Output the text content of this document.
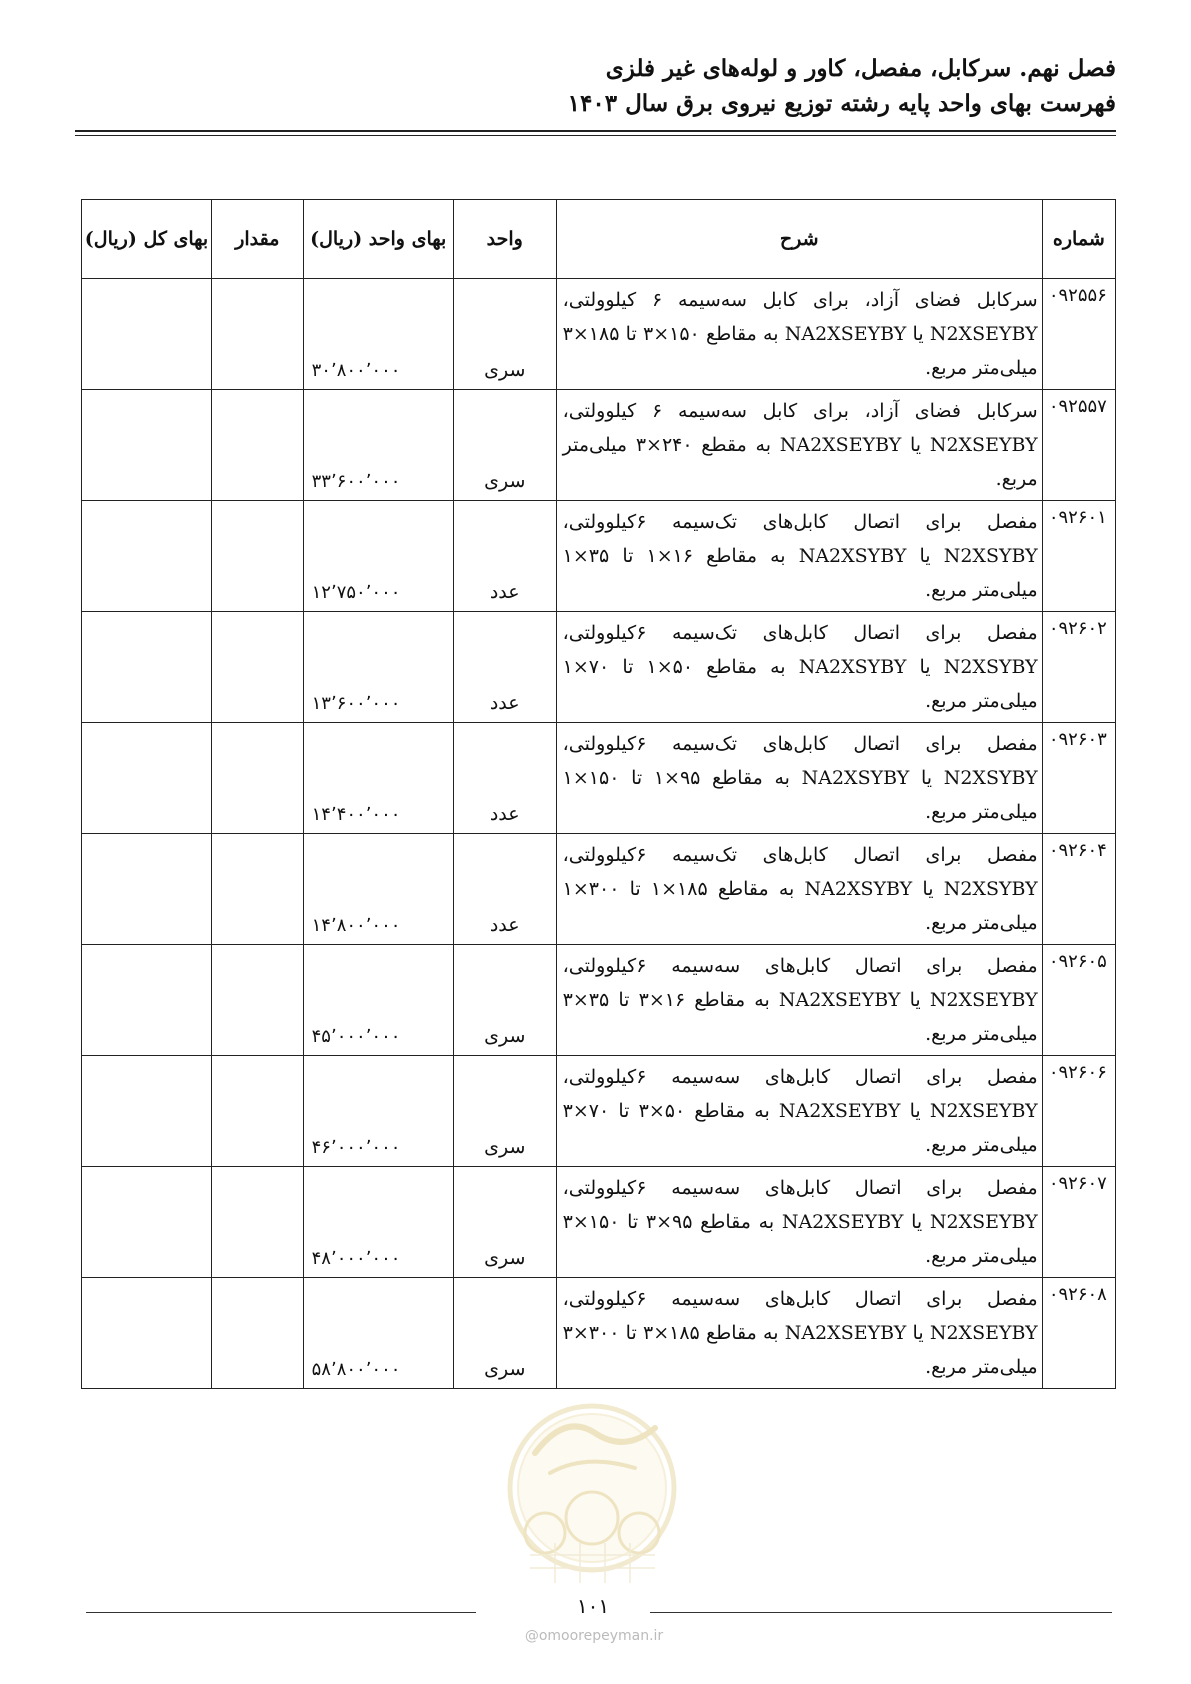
فصل نهم. سرکابل، مفصل، کاور و لوله‌های غیر فلزی
فهرست بهای واحد پایه رشته توزیع نیروی برق سال ۱۴۰۳
شماره	شرح	واحد	بهای واحد (ریال)	مقدار	بهای کل (ریال)
۰۹۲۵۵۶	سرکابل فضای آزاد، برای کابل سه‌سیمه ۶ کیلوولتی، N2XSEYBY یا NA2XSEYBY به مقاطع ۱۵۰×۳ تا ۱۸۵×۳ میلی‌متر مربع.	سری	۳۰٬۸۰۰٬۰۰۰		
۰۹۲۵۵۷	سرکابل فضای آزاد، برای کابل سه‌سیمه ۶ کیلوولتی، N2XSEYBY یا NA2XSEYBY به مقطع ۲۴۰×۳ میلی‌متر مربع.	سری	۳۳٬۶۰۰٬۰۰۰		
۰۹۲۶۰۱	مفصل برای اتصال کابل‌های تک‌سیمه ۶کیلوولتی، N2XSYBY یا NA2XSYBY به مقاطع ۱۶×۱ تا ۳۵×۱ میلی‌متر مربع.	عدد	۱۲٬۷۵۰٬۰۰۰		
۰۹۲۶۰۲	مفصل برای اتصال کابل‌های تک‌سیمه ۶کیلوولتی، N2XSYBY یا NA2XSYBY به مقاطع ۵۰×۱ تا ۷۰×۱ میلی‌متر مربع.	عدد	۱۳٬۶۰۰٬۰۰۰		
۰۹۲۶۰۳	مفصل برای اتصال کابل‌های تک‌سیمه ۶کیلوولتی، N2XSYBY یا NA2XSYBY به مقاطع ۹۵×۱ تا ۱۵۰×۱ میلی‌متر مربع.	عدد	۱۴٬۴۰۰٬۰۰۰		
۰۹۲۶۰۴	مفصل برای اتصال کابل‌های تک‌سیمه ۶کیلوولتی، N2XSYBY یا NA2XSYBY به مقاطع ۱۸۵×۱ تا ۳۰۰×۱ میلی‌متر مربع.	عدد	۱۴٬۸۰۰٬۰۰۰		
۰۹۲۶۰۵	مفصل برای اتصال کابل‌های سه‌سیمه ۶کیلوولتی، N2XSEYBY یا NA2XSEYBY به مقاطع ۱۶×۳ تا ۳۵×۳ میلی‌متر مربع.	سری	۴۵٬۰۰۰٬۰۰۰		
۰۹۲۶۰۶	مفصل برای اتصال کابل‌های سه‌سیمه ۶کیلوولتی، N2XSEYBY یا NA2XSEYBY به مقاطع ۵۰×۳ تا ۷۰×۳ میلی‌متر مربع.	سری	۴۶٬۰۰۰٬۰۰۰		
۰۹۲۶۰۷	مفصل برای اتصال کابل‌های سه‌سیمه ۶کیلوولتی، N2XSEYBY یا NA2XSEYBY به مقاطع ۹۵×۳ تا ۱۵۰×۳ میلی‌متر مربع.	سری	۴۸٬۰۰۰٬۰۰۰		
۰۹۲۶۰۸	مفصل برای اتصال کابل‌های سه‌سیمه ۶کیلوولتی، N2XSEYBY یا NA2XSEYBY به مقاطع ۱۸۵×۳ تا ۳۰۰×۳ میلی‌متر مربع.	سری	۵۸٬۸۰۰٬۰۰۰		
۱۰۱
@omoorepeyman.ir
